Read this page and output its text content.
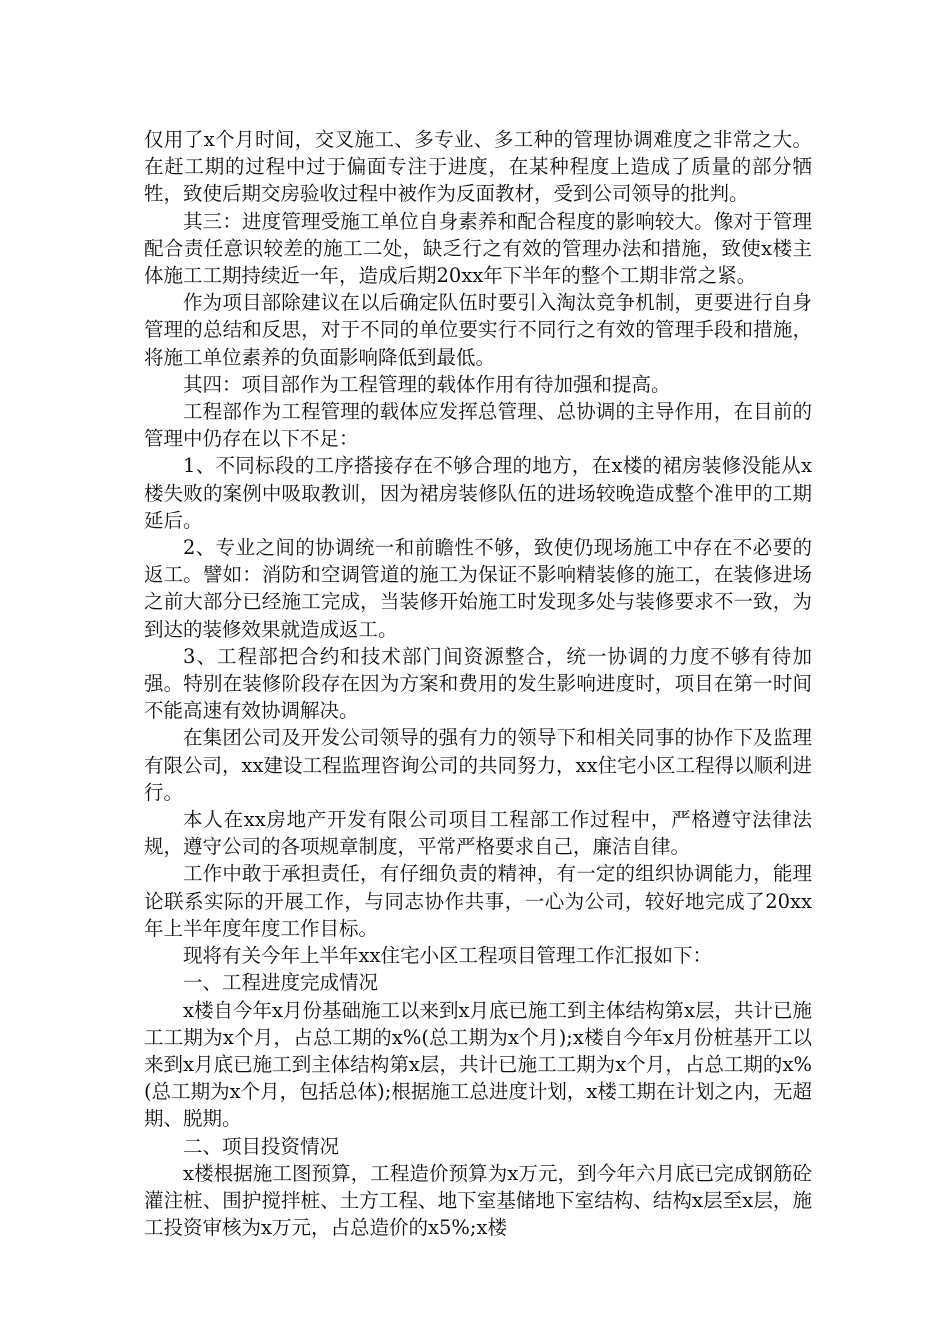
仅用了x个月时间，交叉施工、多专业、多工种的管理协调难度之非常之大。在赶工期的过程中过于偏面专注于进度，在某种程度上造成了质量的部分牺牲，致使后期交房验收过程中被作为反面教材，受到公司领导的批判。

其三：进度管理受施工单位自身素养和配合程度的影响较大。像对于管理配合责任意识较差的施工二处，缺乏行之有效的管理办法和措施，致使x楼主体施工工期持续近一年，造成后期20xx年下半年的整个工期非常之紧。

作为项目部除建议在以后确定队伍时要引入淘汰竞争机制，更要进行自身管理的总结和反思，对于不同的单位要实行不同行之有效的管理手段和措施，将施工单位素养的负面影响降低到最低。

其四：项目部作为工程管理的载体作用有待加强和提高。

工程部作为工程管理的载体应发挥总管理、总协调的主导作用，在目前的管理中仍存在以下不足：

1、不同标段的工序搭接存在不够合理的地方，在x楼的裙房装修没能从x楼失败的案例中吸取教训，因为裙房装修队伍的进场较晚造成整个准甲的工期延后。

2、专业之间的协调统一和前瞻性不够，致使仍现场施工中存在不必要的返工。譬如：消防和空调管道的施工为保证不影响精装修的施工，在装修进场之前大部分已经施工完成，当装修开始施工时发现多处与装修要求不一致，为到达的装修效果就造成返工。

3、工程部把合约和技术部门间资源整合，统一协调的力度不够有待加强。特别在装修阶段存在因为方案和费用的发生影响进度时，项目在第一时间不能高速有效协调解决。

在集团公司及开发公司领导的强有力的领导下和相关同事的协作下及监理有限公司，xx建设工程监理咨询公司的共同努力，xx住宅小区工程得以顺利进行。

本人在xx房地产开发有限公司项目工程部工作过程中，严格遵守法律法规，遵守公司的各项规章制度，平常严格要求自己，廉洁自律。

工作中敢于承担责任，有仔细负责的精神，有一定的组织协调能力，能理论联系实际的开展工作，与同志协作共事，一心为公司，较好地完成了20xx年上半年度年度工作目标。

现将有关今年上半年xx住宅小区工程项目管理工作汇报如下：

一、工程进度完成情况

x楼自今年x月份基础施工以来到x月底已施工到主体结构第x层，共计已施工工期为x个月，占总工期的x%(总工期为x个月);x楼自今年x月份桩基开工以来到x月底已施工到主体结构第x层，共计已施工工期为x个月，占总工期的x%(总工期为x个月，包括总体);根据施工总进度计划，x楼工期在计划之内，无超期、脱期。

二、项目投资情况

x楼根据施工图预算，工程造价预算为x万元，到今年六月底已完成钢筋砼灌注桩、围护搅拌桩、土方工程、地下室基储地下室结构、结构x层至x层，施工投资审核为x万元，占总造价的x5%;x楼
